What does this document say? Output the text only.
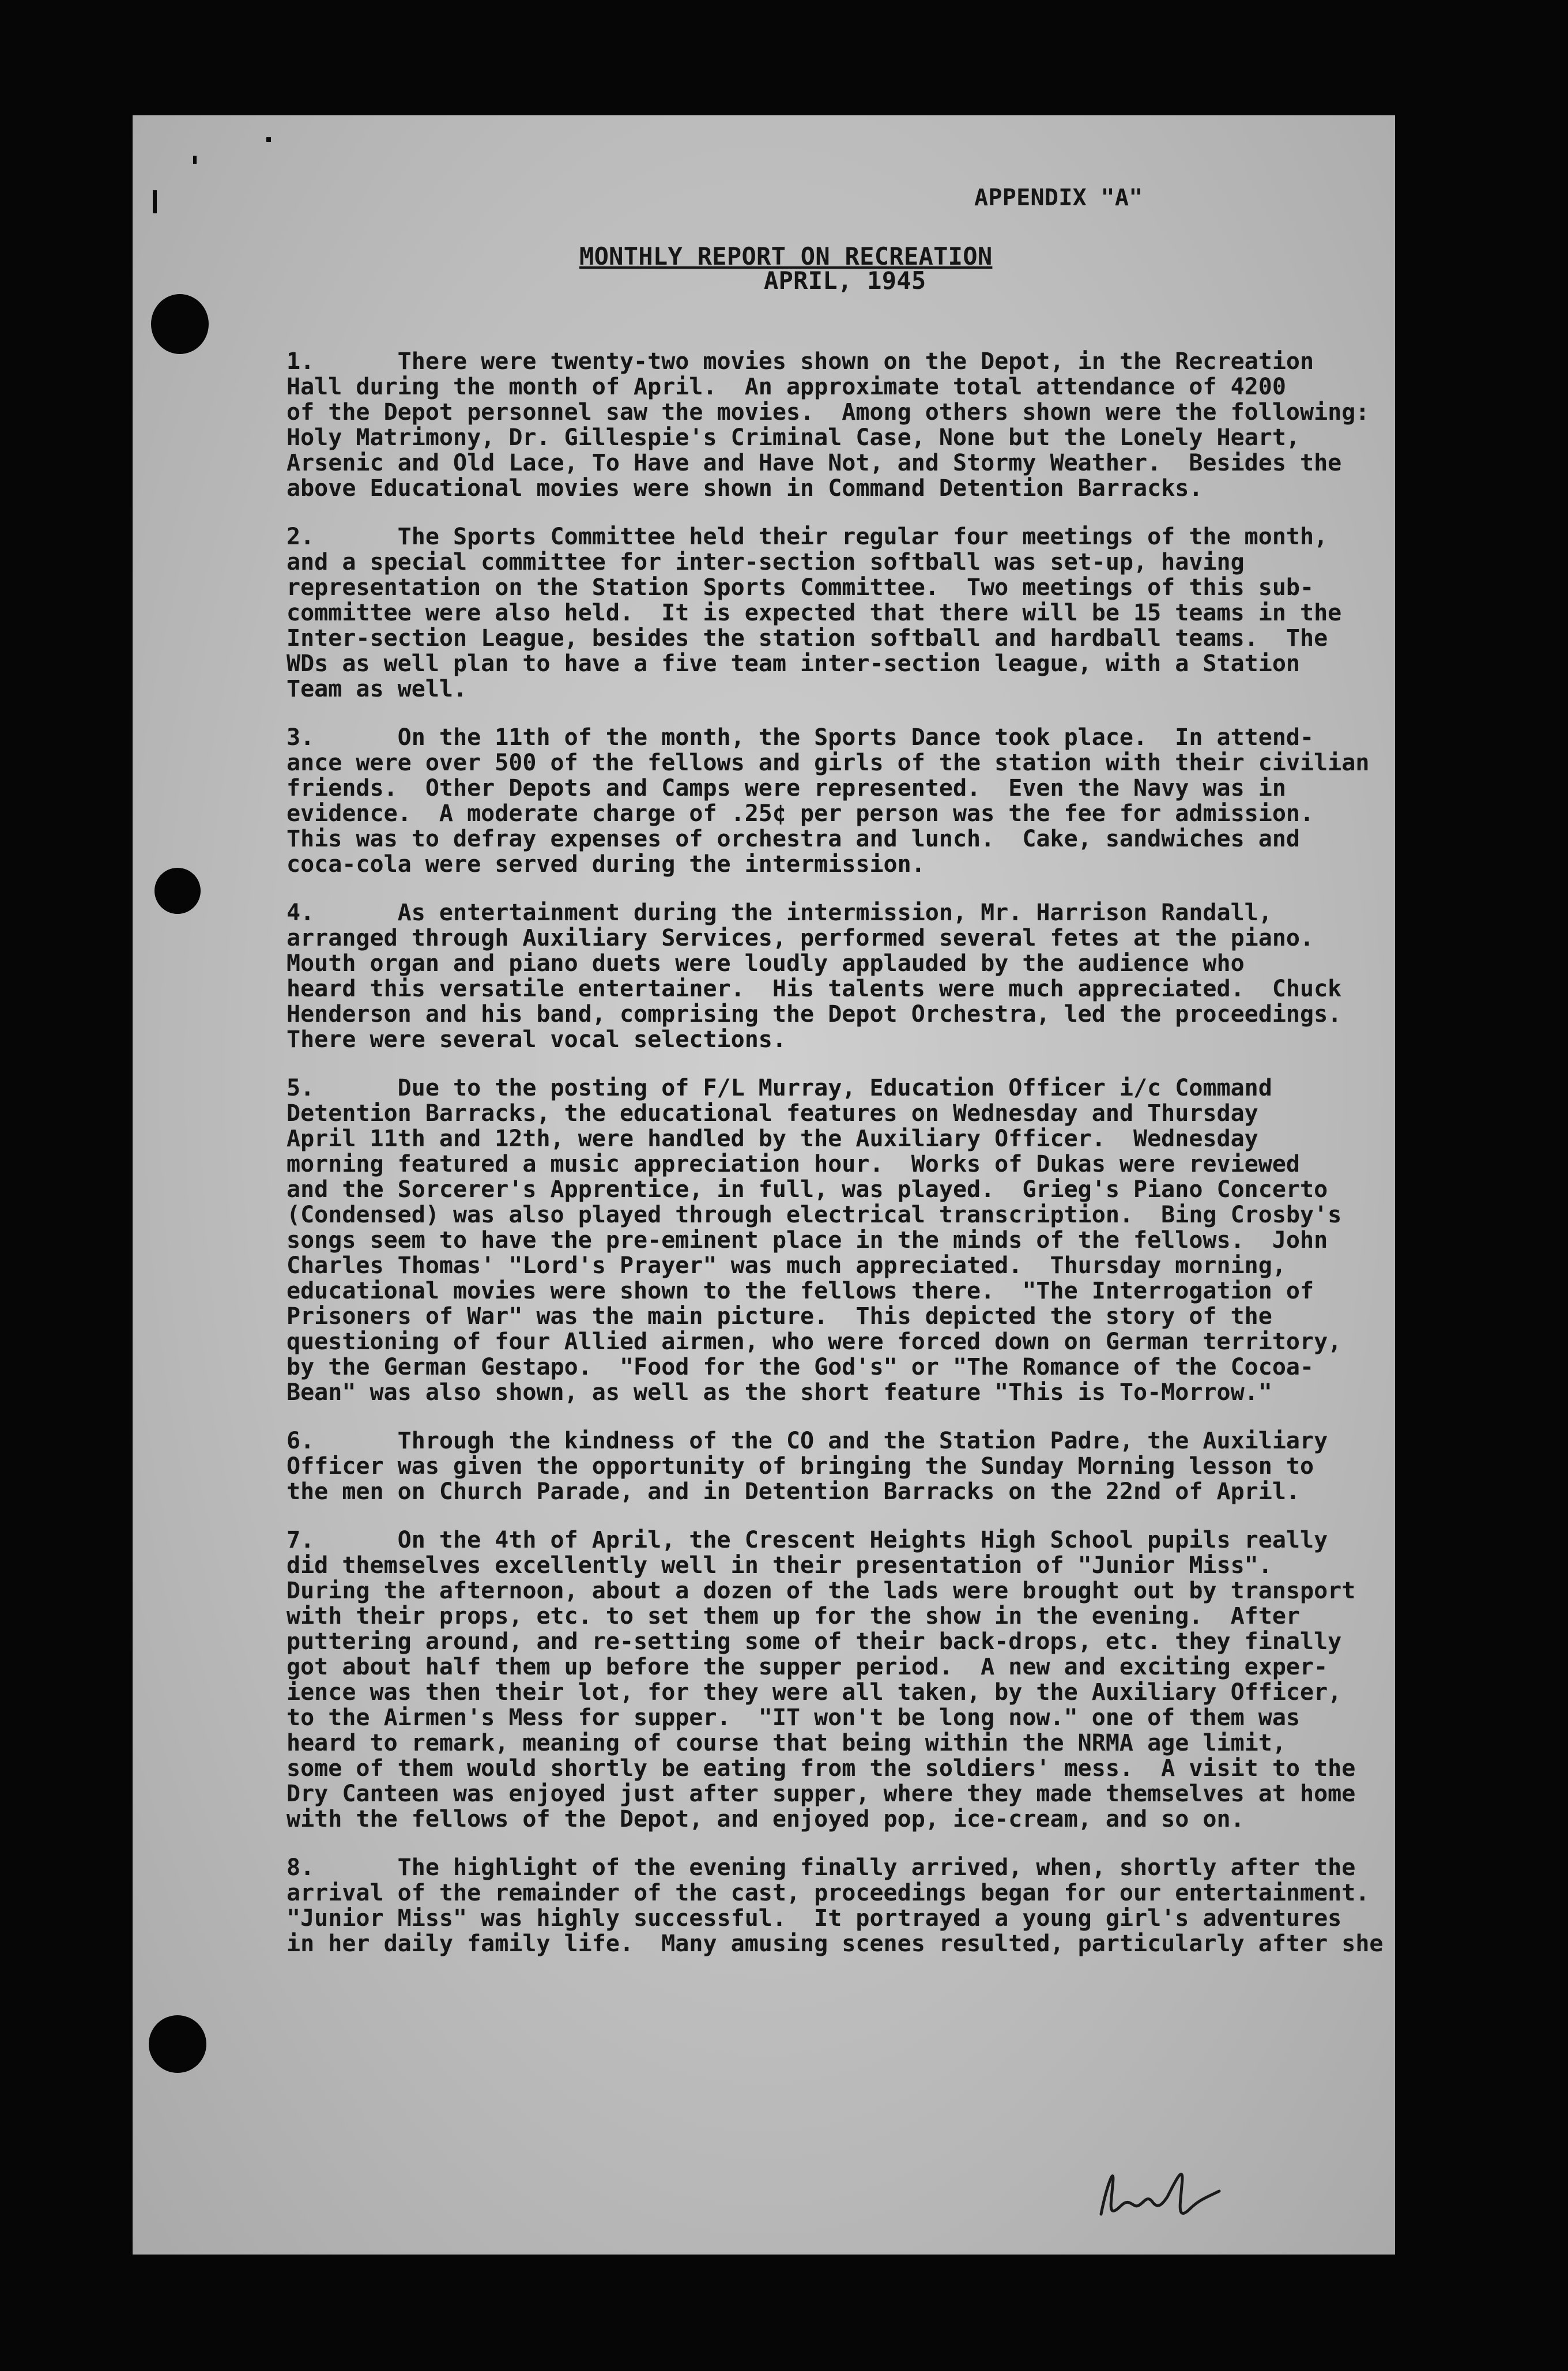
APPENDIX "A"
MONTHLY REPORT ON RECREATION
APRIL, 1945
1.      There were twenty-two movies shown on the Depot, in the Recreation
Hall during the month of April.  An approximate total attendance of 4200
of the Depot personnel saw the movies.  Among others shown were the following:
Holy Matrimony, Dr. Gillespie's Criminal Case, None but the Lonely Heart,
Arsenic and Old Lace, To Have and Have Not, and Stormy Weather.  Besides the
above Educational movies were shown in Command Detention Barracks.
2.      The Sports Committee held their regular four meetings of the month,
and a special committee for inter-section softball was set-up, having
representation on the Station Sports Committee.  Two meetings of this sub-
committee were also held.  It is expected that there will be 15 teams in the
Inter-section League, besides the station softball and hardball teams.  The
WDs as well plan to have a five team inter-section league, with a Station
Team as well.
3.      On the 11th of the month, the Sports Dance took place.  In attend-
ance were over 500 of the fellows and girls of the station with their civilian
friends.  Other Depots and Camps were represented.  Even the Navy was in
evidence.  A moderate charge of .25¢ per person was the fee for admission.
This was to defray expenses of orchestra and lunch.  Cake, sandwiches and
coca-cola were served during the intermission.
4.      As entertainment during the intermission, Mr. Harrison Randall,
arranged through Auxiliary Services, performed several fetes at the piano.
Mouth organ and piano duets were loudly applauded by the audience who
heard this versatile entertainer.  His talents were much appreciated.  Chuck
Henderson and his band, comprising the Depot Orchestra, led the proceedings.
There were several vocal selections.
5.      Due to the posting of F/L Murray, Education Officer i/c Command
Detention Barracks, the educational features on Wednesday and Thursday
April 11th and 12th, were handled by the Auxiliary Officer.  Wednesday
morning featured a music appreciation hour.  Works of Dukas were reviewed
and the Sorcerer's Apprentice, in full, was played.  Grieg's Piano Concerto
(Condensed) was also played through electrical transcription.  Bing Crosby's
songs seem to have the pre-eminent place in the minds of the fellows.  John
Charles Thomas' "Lord's Prayer" was much appreciated.  Thursday morning,
educational movies were shown to the fellows there.  "The Interrogation of
Prisoners of War" was the main picture.  This depicted the story of the
questioning of four Allied airmen, who were forced down on German territory,
by the German Gestapo.  "Food for the God's" or "The Romance of the Cocoa-
Bean" was also shown, as well as the short feature "This is To-Morrow."
6.      Through the kindness of the CO and the Station Padre, the Auxiliary
Officer was given the opportunity of bringing the Sunday Morning lesson to
the men on Church Parade, and in Detention Barracks on the 22nd of April.
7.      On the 4th of April, the Crescent Heights High School pupils really
did themselves excellently well in their presentation of "Junior Miss".
During the afternoon, about a dozen of the lads were brought out by transport
with their props, etc. to set them up for the show in the evening.  After
puttering around, and re-setting some of their back-drops, etc. they finally
got about half them up before the supper period.  A new and exciting exper-
ience was then their lot, for they were all taken, by the Auxiliary Officer,
to the Airmen's Mess for supper.  "IT won't be long now." one of them was
heard to remark, meaning of course that being within the NRMA age limit,
some of them would shortly be eating from the soldiers' mess.  A visit to the
Dry Canteen was enjoyed just after supper, where they made themselves at home
with the fellows of the Depot, and enjoyed pop, ice-cream, and so on.
8.      The highlight of the evening finally arrived, when, shortly after the
arrival of the remainder of the cast, proceedings began for our entertainment.
"Junior Miss" was highly successful.  It portrayed a young girl's adventures
in her daily family life.  Many amusing scenes resulted, particularly after she
